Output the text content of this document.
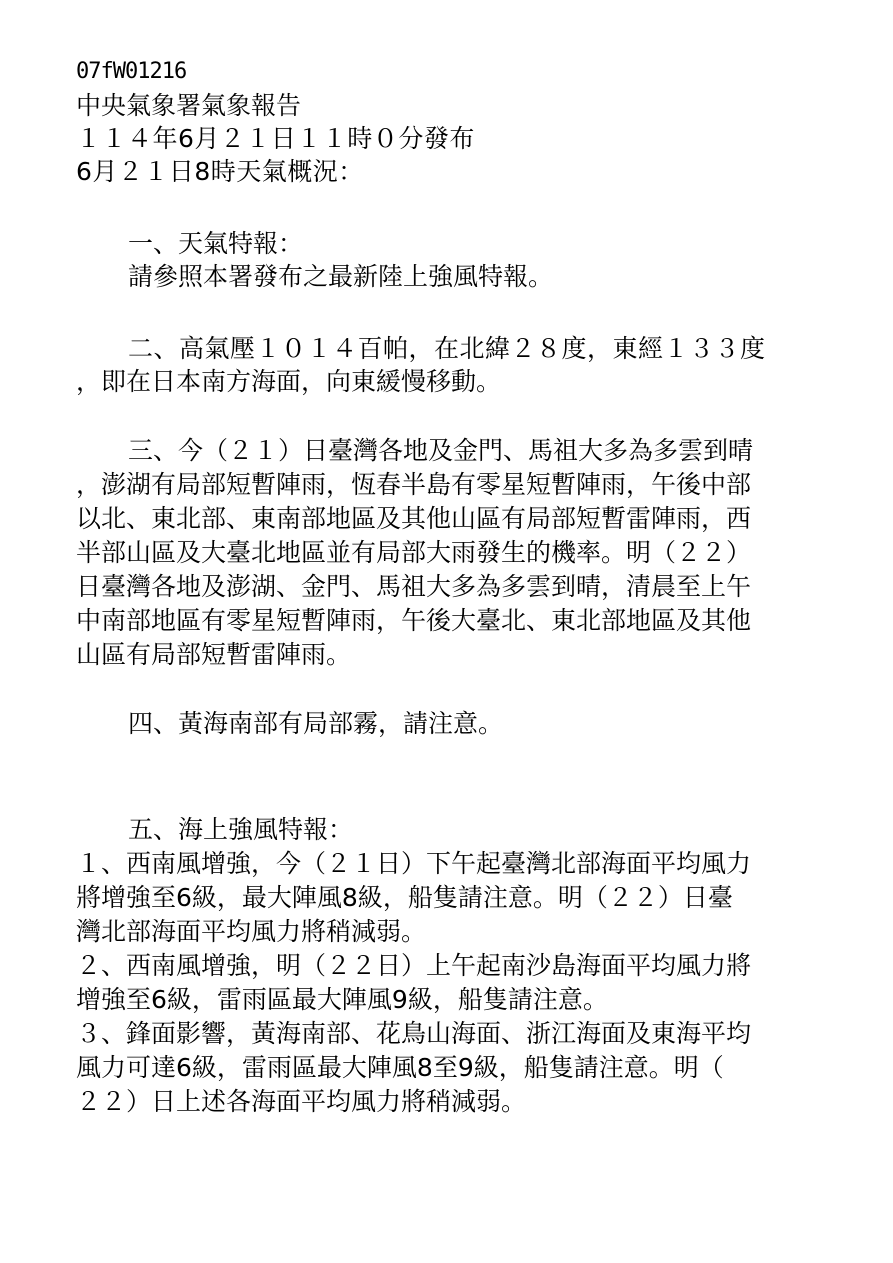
07fW01216
中央氣象署氣象報告
１１４年6月２１日１１時０分發布
6月２１日8時天氣概況：
一、天氣特報：
請參照本署發布之最新陸上強風特報。
二、高氣壓１０１４百帕，在北緯２８度，東經１３３度
，即在日本南方海面，向東緩慢移動。
三、今（２１）日臺灣各地及金門、馬祖大多為多雲到晴
，澎湖有局部短暫陣雨，恆春半島有零星短暫陣雨，午後中部
以北、東北部、東南部地區及其他山區有局部短暫雷陣雨，西
半部山區及大臺北地區並有局部大雨發生的機率。明（２２）
日臺灣各地及澎湖、金門、馬祖大多為多雲到晴，清晨至上午
中南部地區有零星短暫陣雨，午後大臺北、東北部地區及其他
山區有局部短暫雷陣雨。
四、黃海南部有局部霧，請注意。
五、海上強風特報：
１、西南風增強，今（２１日）下午起臺灣北部海面平均風力
將增強至6級，最大陣風8級，船隻請注意。明（２２）日臺
灣北部海面平均風力將稍減弱。
２、西南風增強，明（２２日）上午起南沙島海面平均風力將
增強至6級，雷雨區最大陣風9級，船隻請注意。
３、鋒面影響，黃海南部、花鳥山海面、浙江海面及東海平均
風力可達6級，雷雨區最大陣風8至9級，船隻請注意。明（
２２）日上述各海面平均風力將稍減弱。
